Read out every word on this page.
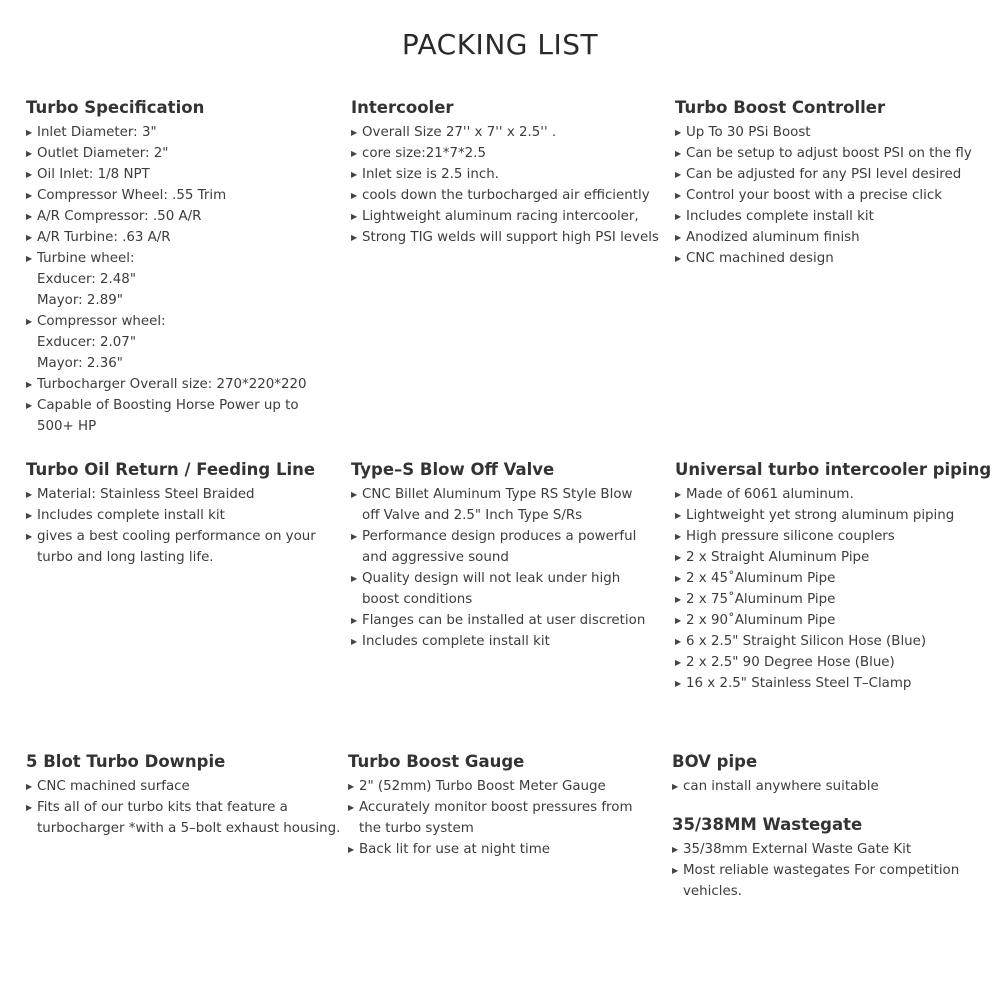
PACKING LIST
Turbo Specification
▶ Inlet Diameter: 3"
▶ Outlet Diameter: 2"
▶ Oil Inlet: 1/8 NPT
▶ Compressor Wheel: .55 Trim
▶ A/R Compressor: .50 A/R
▶ A/R Turbine: .63 A/R
▶ Turbine wheel:
Exducer: 2.48"
Mayor: 2.89"
▶ Compressor wheel:
Exducer: 2.07"
Mayor: 2.36"
▶ Turbocharger Overall size: 270*220*220
▶ Capable of Boosting Horse Power up to
500+ HP
Intercooler
▶ Overall Size 27'' x 7'' x 2.5'' .
▶ core size:21*7*2.5
▶ Inlet size is 2.5 inch.
▶ cools down the turbocharged air efficiently
▶ Lightweight aluminum racing intercooler,
▶ Strong TIG welds will support high PSI levels
Turbo Boost Controller
▶ Up To 30 PSi Boost
▶ Can be setup to adjust boost PSI on the fly
▶ Can be adjusted for any PSI level desired
▶ Control your boost with a precise click
▶ Includes complete install kit
▶ Anodized aluminum finish
▶ CNC machined design
Turbo Oil Return / Feeding Line
▶ Material: Stainless Steel Braided
▶ Includes complete install kit
▶ gives a best cooling performance on your
turbo and long lasting life.
Type–S Blow Off Valve
▶ CNC Billet Aluminum Type RS Style Blow
off Valve and 2.5" Inch Type S/Rs
▶ Performance design produces a powerful
and aggressive sound
▶ Quality design will not leak under high
boost conditions
▶ Flanges can be installed at user discretion
▶ Includes complete install kit
Universal turbo intercooler piping
▶ Made of 6061 aluminum.
▶ Lightweight yet strong aluminum piping
▶ High pressure silicone couplers
▶ 2 x Straight Aluminum Pipe
▶ 2 x 45˚Aluminum Pipe
▶ 2 x 75˚Aluminum Pipe
▶ 2 x 90˚Aluminum Pipe
▶ 6 x 2.5" Straight Silicon Hose (Blue)
▶ 2 x 2.5" 90 Degree Hose (Blue)
▶ 16 x 2.5" Stainless Steel T–Clamp
5 Blot Turbo Downpie
▶ CNC machined surface
▶ Fits all of our turbo kits that feature a
turbocharger *with a 5–bolt exhaust housing.
Turbo Boost Gauge
▶ 2" (52mm) Turbo Boost Meter Gauge
▶ Accurately monitor boost pressures from
the turbo system
▶ Back lit for use at night time
BOV pipe
▶ can install anywhere suitable
35/38MM Wastegate
▶ 35/38mm External Waste Gate Kit
▶ Most reliable wastegates For competition
vehicles.
